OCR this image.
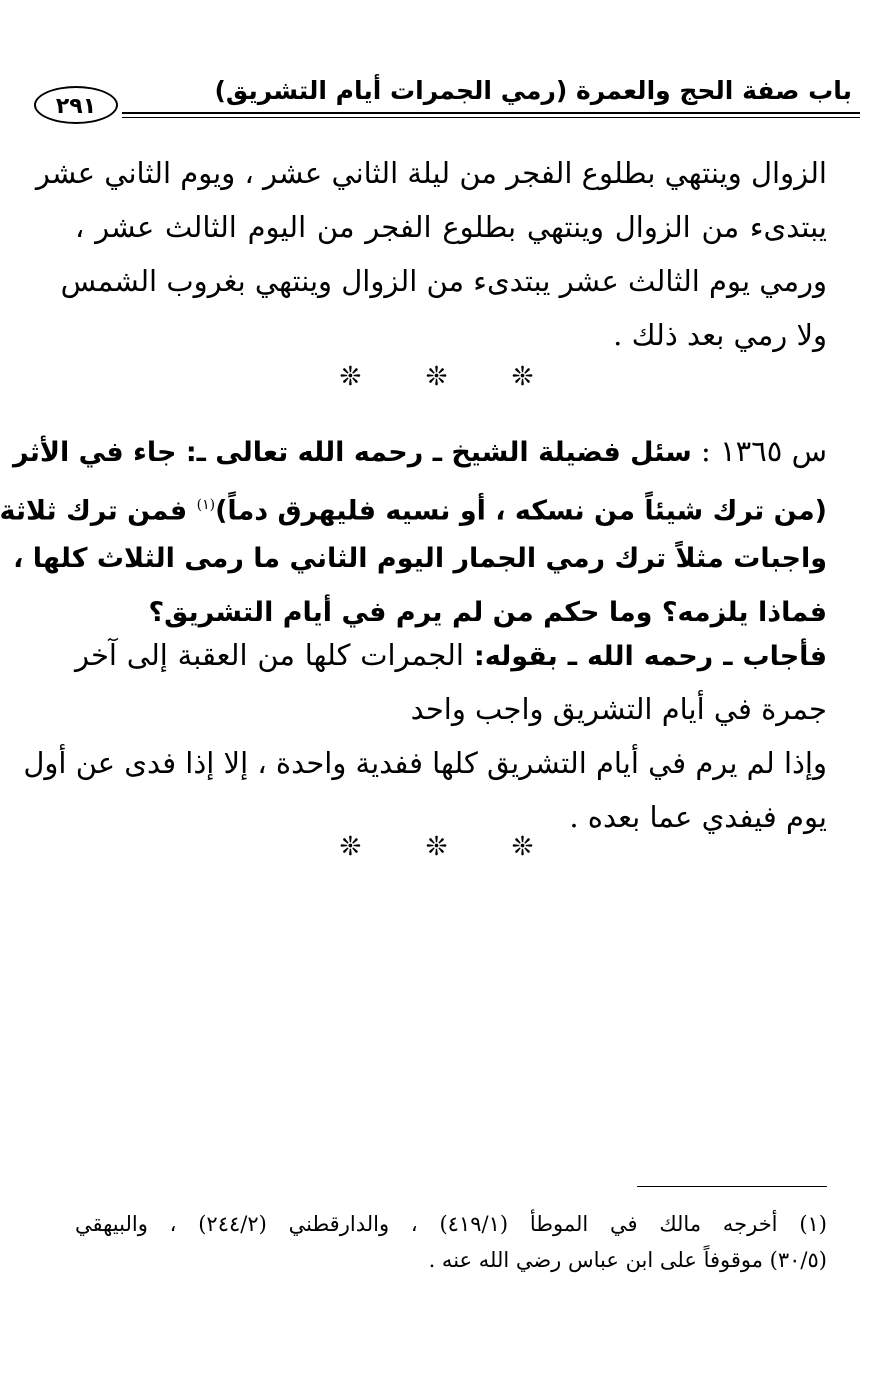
باب صفة الحج والعمرة (رمي الجمرات أيام التشريق)
٢٩١
الزوال وينتهي بطلوع الفجر من ليلة الثاني عشر ، ويوم الثاني عشر
يبتدىء من الزوال وينتهي بطلوع الفجر من اليوم الثالث عشر ،
ورمي يوم الثالث عشر يبتدىء من الزوال وينتهي بغروب الشمس
ولا رمي بعد ذلك .
❊ ❊ ❊
س ١٣٦٥ : سئل فضيلة الشيخ ـ رحمه الله تعالى ـ: جاء في الأثر
(من ترك شيئاً من نسكه ، أو نسيه فليهرق دماً)$^{(١)}$ فمن ترك ثلاثة
واجبات مثلاً ترك رمي الجمار اليوم الثاني ما رمى الثلاث كلها ،
فماذا يلزمه؟ وما حكم من لم يرم في أيام التشريق؟
فأجاب ـ رحمه الله ـ بقوله: الجمرات كلها من العقبة إلى آخر
جمرة في أيام التشريق واجب واحد
وإذا لم يرم في أيام التشريق كلها ففدية واحدة ، إلا إذا فدى عن أول
يوم فيفدي عما بعده .
❊ ❊ ❊
(١) أخرجه مالك في الموطأ (٤١٩/١) ، والدارقطني (٢٤٤/٢) ، والبيهقي
(٣٠/٥) موقوفاً على ابن عباس رضي الله عنه .
